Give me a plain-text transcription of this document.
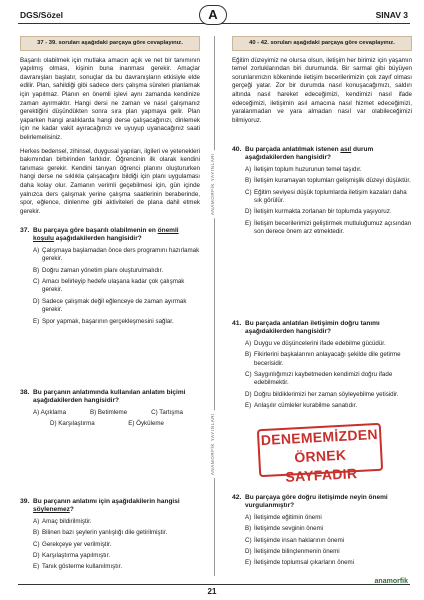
DGS/Sözel	A	SINAV 3
37 - 39. soruları aşağıdaki parçaya göre cevaplayınız.

Başarılı olabilmek için mutlaka amacın açık ve net bir tanımının yapılmış olması, kişinin buna inanması gerekir. Amaçlar davranışları başlatır, sonuçlar da bu davranışların etkisiyle elde edilir. Plan, sahildiği gibi sadece ders çalışma süreleri planlamak için yapılmaz. Planın en önemli işlevi aynı zamanda kendinize zaman ayırmaktır. Hangi dersi ne zaman ve nasıl çalışmanız gerektiğini düşündükten sonra sıra plan yapmaya gelir. Plan yaparken hangi aralıklarda hangi derse çalışacağınızı, dinlemek için ne kadar vakit ayıracağınızı ve uyuyup uyanacağınız saati belirlemelisiniz.

Herkes bedensel, zihinsel, duygusal yapıları, ilgileri ve yetenekleri bakımından birbirinden farklıdır. Öğrencinin ilk olarak kendini tanıması gerekir. Kendini tanıyan öğrenci planını oluştururken hangi derse ne sıklıkla çalışacağını bildiği için planı uygulaması daha kolay olur. Zamanın verimli geçebilmesi için, gün içinde yalnızca ders çalışmak yerine çalışma saatlerinin beraberinde, spor, eğlence, dinlenme gibi aktiviteleri de plana dahil etmek gerekir.

37. Bu parçaya göre başarılı olabilmenin en önemli koşulu aşağıdakilerden hangisidir?
A) Çalışmaya başlamadan önce ders programını hazırlamak gerekir.
B) Doğru zaman yönetim planı oluşturulmalıdır.
C) Amacı belirleyip hedefe ulaşana kadar çok çalışmak gerekir.
D) Sadece çalışmak değil eğlenceye de zaman ayırmak gerekir.
E) Spor yapmak, başarının gerçekleşmesini sağlar.
38. Bu parçanın anlatımında kullanılan anlatım biçimi aşağıdakilerden hangisidir?
A) Açıklama	B) Betimleme	C) Tartışma
D) Karşılaştırma	E) Öyküleme
39. Bu parçanın anlatımı için aşağıdakilerin hangisi söylenemez?
A) Amaç bildirilmiştir.
B) Bilinen bazı şeylerin yanlışlığı dile getirilmiştir.
C) Gerekçeye yer verilmiştir.
D) Karşılaştırma yapılmıştır.
E) Tanık gösterme kullanılmıştır.
ANAMORFİK YAYINLARI
ANAMORFİK YAYINLARI
40 - 42. soruları aşağıdaki parçaya göre cevaplayınız.

Eğitim düzeyimiz ne olursa olsun, iletişim her birimiz için yaşamın temel zorluklarından biri durumunda. Bir sarmal gibi büyüyen sorunlarımızın kökeninde iletişim becerilerimizin çok zayıf olması gerçeği yatar. Zor bir durumda nasıl konuşacağımızı, saldırı altında nasıl hareket edeceğimizi, kendimizi nasıl ifade edeceğimizi, iletişimin asıl amacına nasıl hizmet edeceğimizi, yaralanmadan ve yara almadan nasıl var olabileceğimizi bilmiyoruz.

40. Bu parçada anlatılmak istenen asıl durum aşağıdakilerden hangisidir?
A) İletişim toplum huzurunun temel taşıdır.
B) İletişim kuramayan toplumları gelişmişlik düzeyi düşüktür.
C) Eğitim seviyesi düşük toplumlarda iletişim kazaları daha sık görülür.
D) İletişim kurmakta zorlanan bir toplumda yaşıyoruz.
E) İletişim becerilerimizi geliştirmek mutluluğumuz açısından son derece önem arz etmektedir.
41. Bu parçada anlatılan iletişimin doğru tanımı aşağıdakilerden hangisidir?
A) Duygu ve düşüncelerini ifade edebilme gücüdür.
B) Fikirlerini başkalarının anlayacağı şekilde dile getirme becerisidir.
C) Saygınlığımızı kaybetmeden kendimizi doğru ifade edebilmektir.
D) Doğru bildiklerimizi her zaman söyleyebilme yetisidir.
E) Anlaşılır cümleler kurabilme sanatıdır.
DENEMEMİZDEN
ÖRNEK SAYFADIR
42. Bu parçaya göre doğru iletişimde neyin önemi vurgulanmıştır?
A) İletişimde eğitimin önemi
B) İletişimde sevginin önemi
C) İletişimde insan haklarının önemi
D) İletişimde bilinçlenmenin önemi
E) İletişimde toplumsal çıkarların önemi
21
anamorfik
